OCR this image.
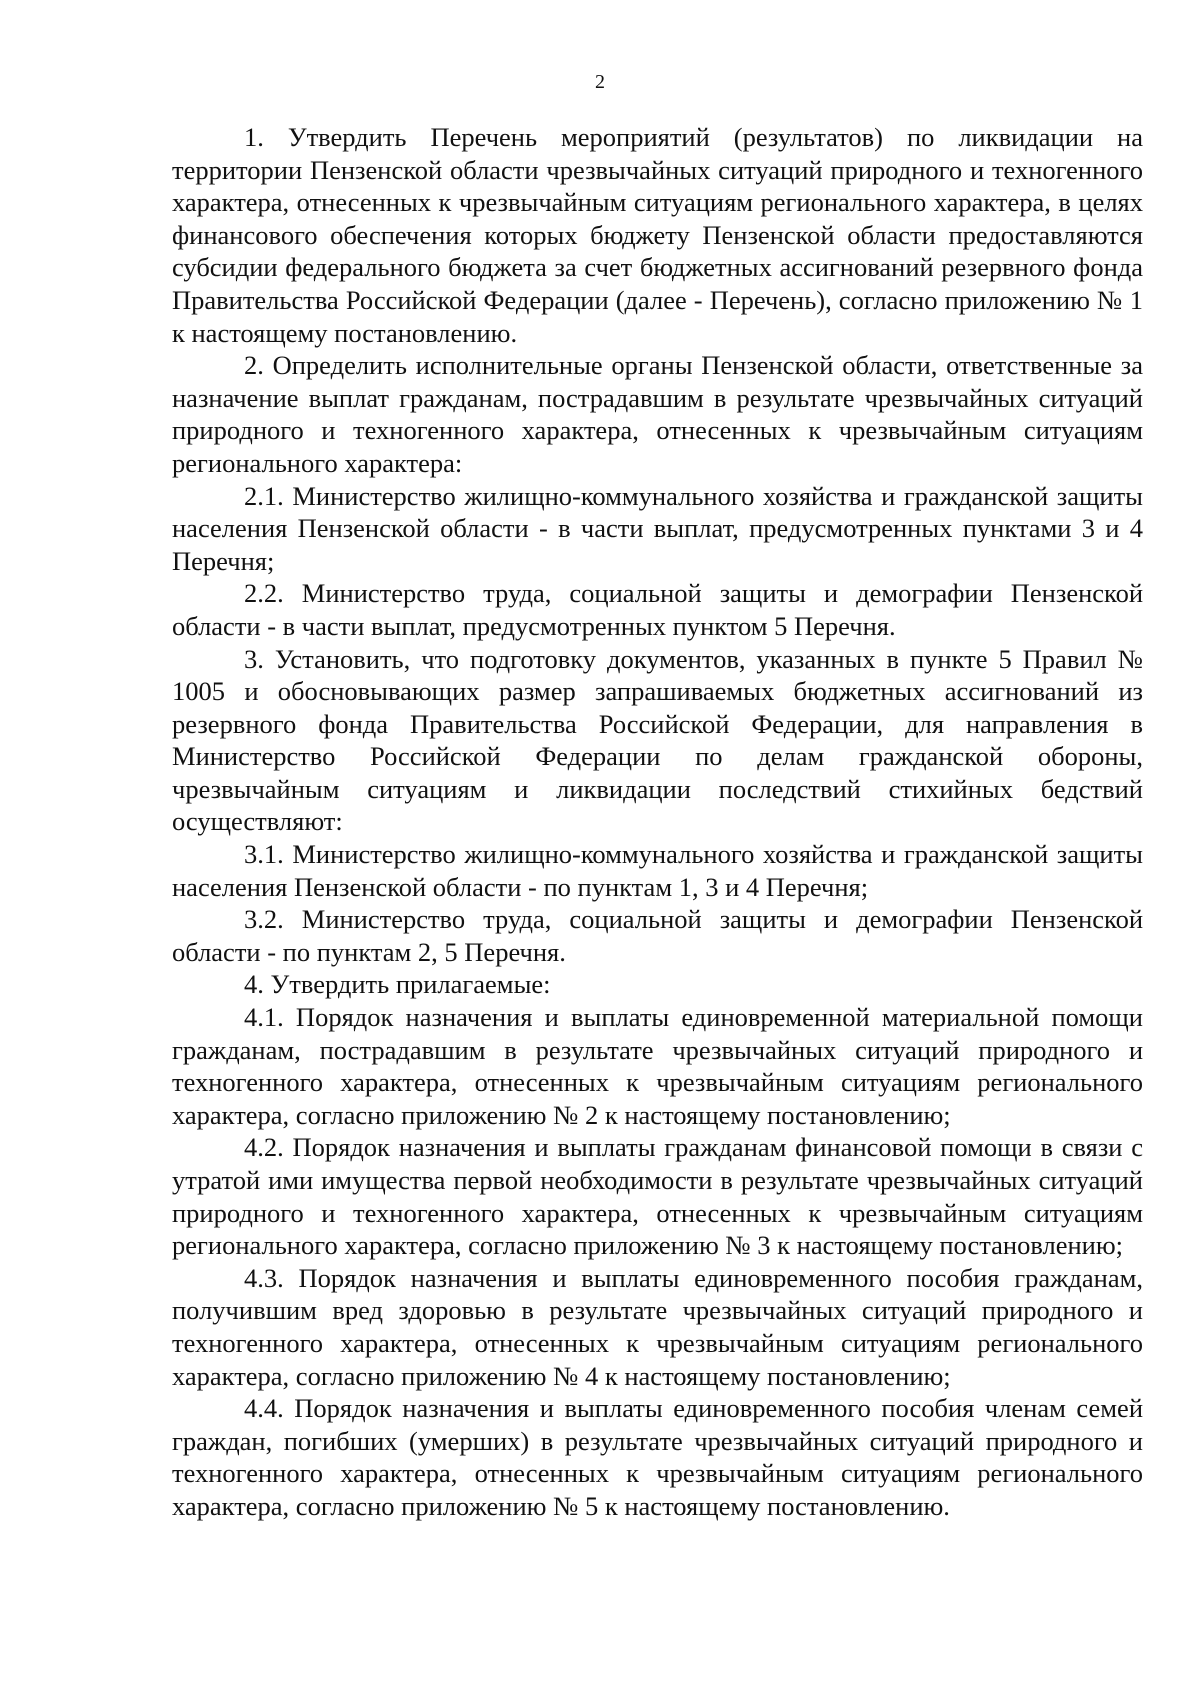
2

1. Утвердить Перечень мероприятий (результатов) по ликвидации на территории Пензенской области чрезвычайных ситуаций природного и техногенного характера, отнесенных к чрезвычайным ситуациям регионального характера, в целях финансового обеспечения которых бюджету Пензенской области предоставляются субсидии федерального бюджета за счет бюджетных ассигнований резервного фонда Правительства Российской Федерации (далее - Перечень), согласно приложению № 1 к настоящему постановлению.

2. Определить исполнительные органы Пензенской области, ответственные за назначение выплат гражданам, пострадавшим в результате чрезвычайных ситуаций природного и техногенного характера, отнесенных к чрезвычайным ситуациям регионального характера:

2.1. Министерство жилищно-коммунального хозяйства и гражданской защиты населения Пензенской области - в части выплат, предусмотренных пунктами 3 и 4 Перечня;

2.2. Министерство труда, социальной защиты и демографии Пензенской области - в части выплат, предусмотренных пунктом 5 Перечня.

3. Установить, что подготовку документов, указанных в пункте 5 Правил № 1005 и обосновывающих размер запрашиваемых бюджетных ассигнований из резервного фонда Правительства Российской Федерации, для направления в Министерство Российской Федерации по делам гражданской обороны, чрезвычайным ситуациям и ликвидации последствий стихийных бедствий осуществляют:

3.1. Министерство жилищно-коммунального хозяйства и гражданской защиты населения Пензенской области - по пунктам 1, 3 и 4 Перечня;

3.2. Министерство труда, социальной защиты и демографии Пензенской области - по пунктам 2, 5 Перечня.

4. Утвердить прилагаемые:

4.1. Порядок назначения и выплаты единовременной материальной помощи гражданам, пострадавшим в результате чрезвычайных ситуаций природного и техногенного характера, отнесенных к чрезвычайным ситуациям регионального характера, согласно приложению № 2 к настоящему постановлению;

4.2. Порядок назначения и выплаты гражданам финансовой помощи в связи с утратой ими имущества первой необходимости в результате чрезвычайных ситуаций природного и техногенного характера, отнесенных к чрезвычайным ситуациям регионального характера, согласно приложению № 3 к настоящему постановлению;

4.3. Порядок назначения и выплаты единовременного пособия гражданам, получившим вред здоровью в результате чрезвычайных ситуаций природного и техногенного характера, отнесенных к чрезвычайным ситуациям регионального характера, согласно приложению № 4 к настоящему постановлению;

4.4. Порядок назначения и выплаты единовременного пособия членам семей граждан, погибших (умерших) в результате чрезвычайных ситуаций природного и техногенного характера, отнесенных к чрезвычайным ситуациям регионального характера, согласно приложению № 5 к настоящему постановлению.
